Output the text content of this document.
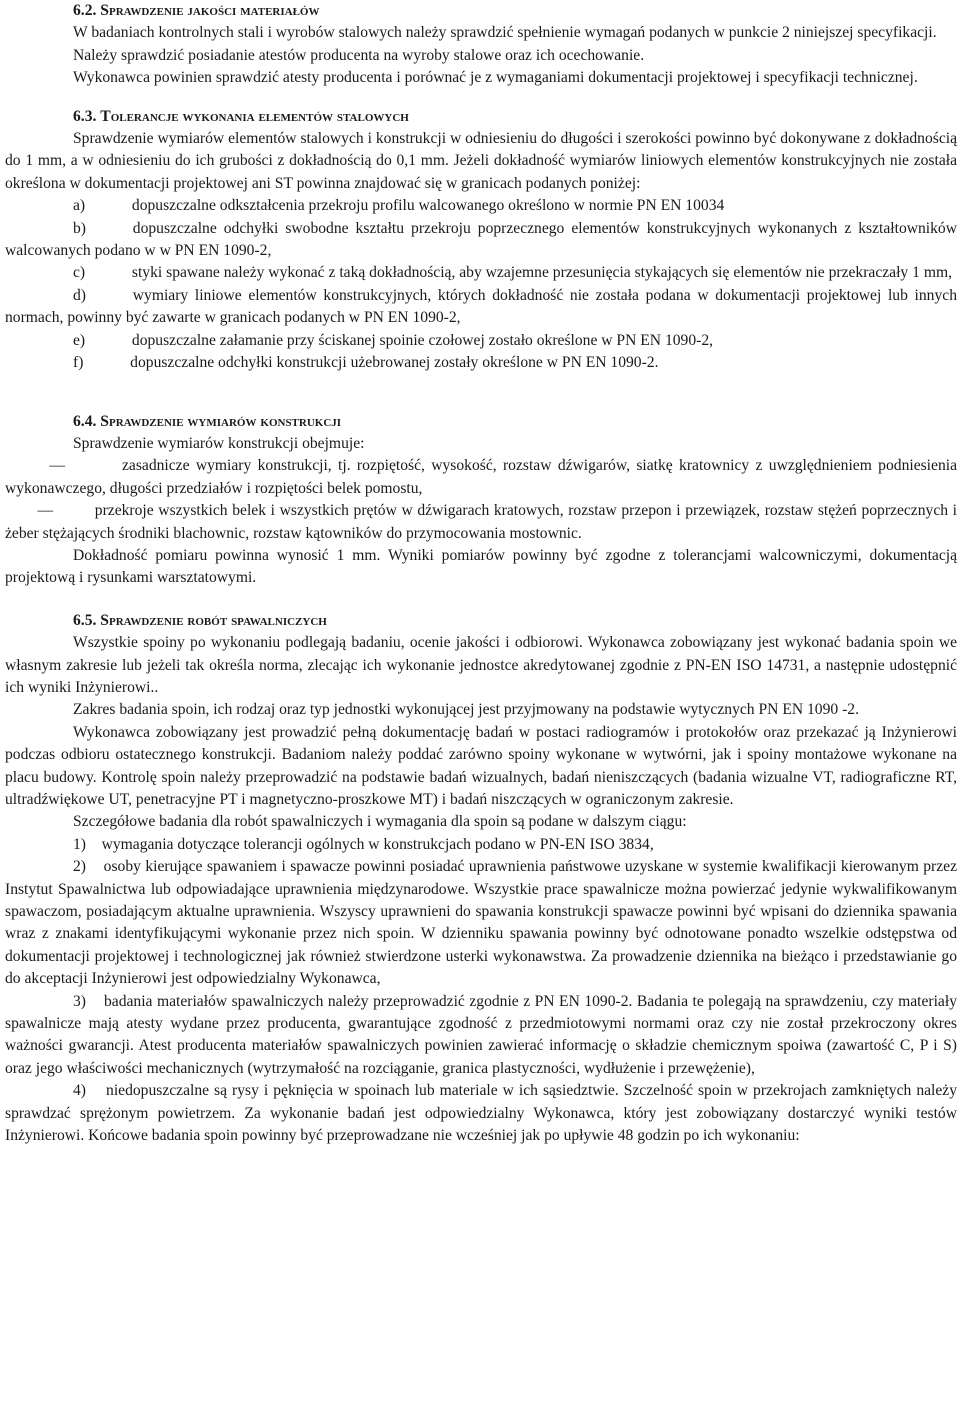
6.2. Sprawdzenie jakości materiałów

W badaniach kontrolnych stali i wyrobów stalowych należy sprawdzić spełnienie wymagań podanych w punkcie 2 niniejszej specyfikacji.

Należy sprawdzić posiadanie atestów producenta na wyroby stalowe oraz ich ocechowanie.

Wykonawca powinien sprawdzić atesty producenta i porównać je z wymaganiami dokumentacji projektowej i specyfikacji technicznej.

6.3. Tolerancje wykonania elementów stalowych

Sprawdzenie wymiarów elementów stalowych i konstrukcji w odniesieniu do długości i szerokości powinno być dokonywane z dokładnością do 1 mm, a w odniesieniu do ich grubości z dokładnością do 0,1 mm. Jeżeli dokładność wymiarów liniowych elementów konstrukcyjnych nie została określona w dokumentacji projektowej ani ST powinna znajdować się w granicach podanych poniżej:

a)   	dopuszczalne odkształcenia przekroju profilu walcowanego określono w normie PN EN 10034

b)   	dopuszczalne odchyłki swobodne kształtu przekroju poprzecznego elementów konstrukcyjnych wykonanych z kształtowników walcowanych podano w w PN EN 1090-2,

c)   	styki spawane należy wykonać z taką dokładnością, aby wzajemne przesunięcia stykających się elementów nie przekraczały 1 mm,

d)   	wymiary liniowe elementów konstrukcyjnych, których dokładność nie została podana w dokumentacji projektowej lub innych normach, powinny być zawarte w granicach podanych w PN EN 1090-2,

e)   	dopuszczalne załamanie przy ściskanej spoinie czołowej zostało określone w PN EN 1090-2,

f)   	dopuszczalne odchyłki konstrukcji użebrowanej zostały określone w PN EN 1090-2.

6.4. Sprawdzenie wymiarów konstrukcji

Sprawdzenie wymiarów konstrukcji obejmuje:

—         zasadnicze wymiary konstrukcji, tj. rozpiętość, wysokość, rozstaw dźwigarów, siatkę kratownicy z uwzględnieniem podniesienia wykonawczego, długości przedziałów i rozpiętości belek pomostu,

—         przekroje wszystkich belek i wszystkich prętów w dźwigarach kratowych, rozstaw przepon i przewiązek, rozstaw stężeń poprzecznych i żeber stężających środniki blachownic, rozstaw kątowników do przymocowania mostownic.

Dokładność pomiaru powinna wynosić 1 mm. Wyniki pomiarów powinny być zgodne z tolerancjami walcowniczymi, dokumentacją projektową i rysunkami warsztatowymi.

6.5. Sprawdzenie robót spawalniczych

Wszystkie spoiny po wykonaniu podlegają badaniu, ocenie jakości i odbiorowi. Wykonawca zobowiązany jest wykonać badania spoin we własnym zakresie lub jeżeli tak określa norma, zlecając ich wykonanie jednostce akredytowanej zgodnie z PN-EN ISO 14731, a następnie udostępnić ich wyniki Inżynierowi..

Zakres badania spoin, ich rodzaj oraz typ jednostki wykonującej jest przyjmowany na podstawie wytycznych PN EN 1090 -2.

Wykonawca zobowiązany jest prowadzić pełną dokumentację badań w postaci radiogramów i protokołów oraz przekazać ją Inżynierowi podczas odbioru ostatecznego konstrukcji. Badaniom należy poddać zarówno spoiny wykonane w wytwórni, jak i spoiny montażowe wykonane na placu budowy. Kontrolę spoin należy przeprowadzić na podstawie badań wizualnych, badań nieniszczących (badania wizualne VT, radiograficzne RT, ultradźwiękowe UT, penetracyjne PT i magnetyczno-proszkowe MT) i badań niszczących w ograniczonym zakresie.

Szczegółowe badania dla robót spawalniczych i wymagania dla spoin są podane w dalszym ciągu:

1) wymagania dotyczące tolerancji ogólnych w konstrukcjach podano w PN-EN ISO 3834,

2) osoby kierujące spawaniem i spawacze powinni posiadać uprawnienia państwowe uzyskane w systemie kwalifikacji kierowanym przez Instytut Spawalnictwa lub odpowiadające uprawnienia międzynarodowe. Wszystkie prace spawalnicze można powierzać jedynie wykwalifikowanym spawaczom, posiadającym aktualne uprawnienia. Wszyscy uprawnieni do spawania konstrukcji spawacze powinni być wpisani do dziennika spawania wraz z znakami identyfikującymi wykonanie przez nich spoin. W dzienniku spawania powinny być odnotowane ponadto wszelkie odstępstwa od dokumentacji projektowej i technologicznej jak również stwierdzone usterki wykonawstwa. Za prowadzenie dziennika na bieżąco i przedstawianie go do akceptacji Inżynierowi jest odpowiedzialny Wykonawca,

3) badania materiałów spawalniczych należy przeprowadzić zgodnie z PN EN 1090-2. Badania te polegają na sprawdzeniu, czy materiały spawalnicze mają atesty wydane przez producenta, gwarantujące zgodność z przedmiotowymi normami oraz czy nie został przekroczony okres ważności gwarancji. Atest producenta materiałów spawalniczych powinien zawierać informację o składzie chemicznym spoiwa (zawartość C, P i S) oraz jego właściwości mechanicznych (wytrzymałość na rozciąganie, granica plastyczności, wydłużenie i przewężenie),

4) niedopuszczalne są rysy i pęknięcia w spoinach lub materiale w ich sąsiedztwie. Szczelność spoin w przekrojach zamkniętych należy sprawdzać sprężonym powietrzem. Za wykonanie badań jest odpowiedzialny Wykonawca, który jest zobowiązany dostarczyć wyniki testów Inżynierowi. Końcowe badania spoin powinny być przeprowadzane nie wcześniej jak po upływie 48 godzin po ich wykonaniu:
